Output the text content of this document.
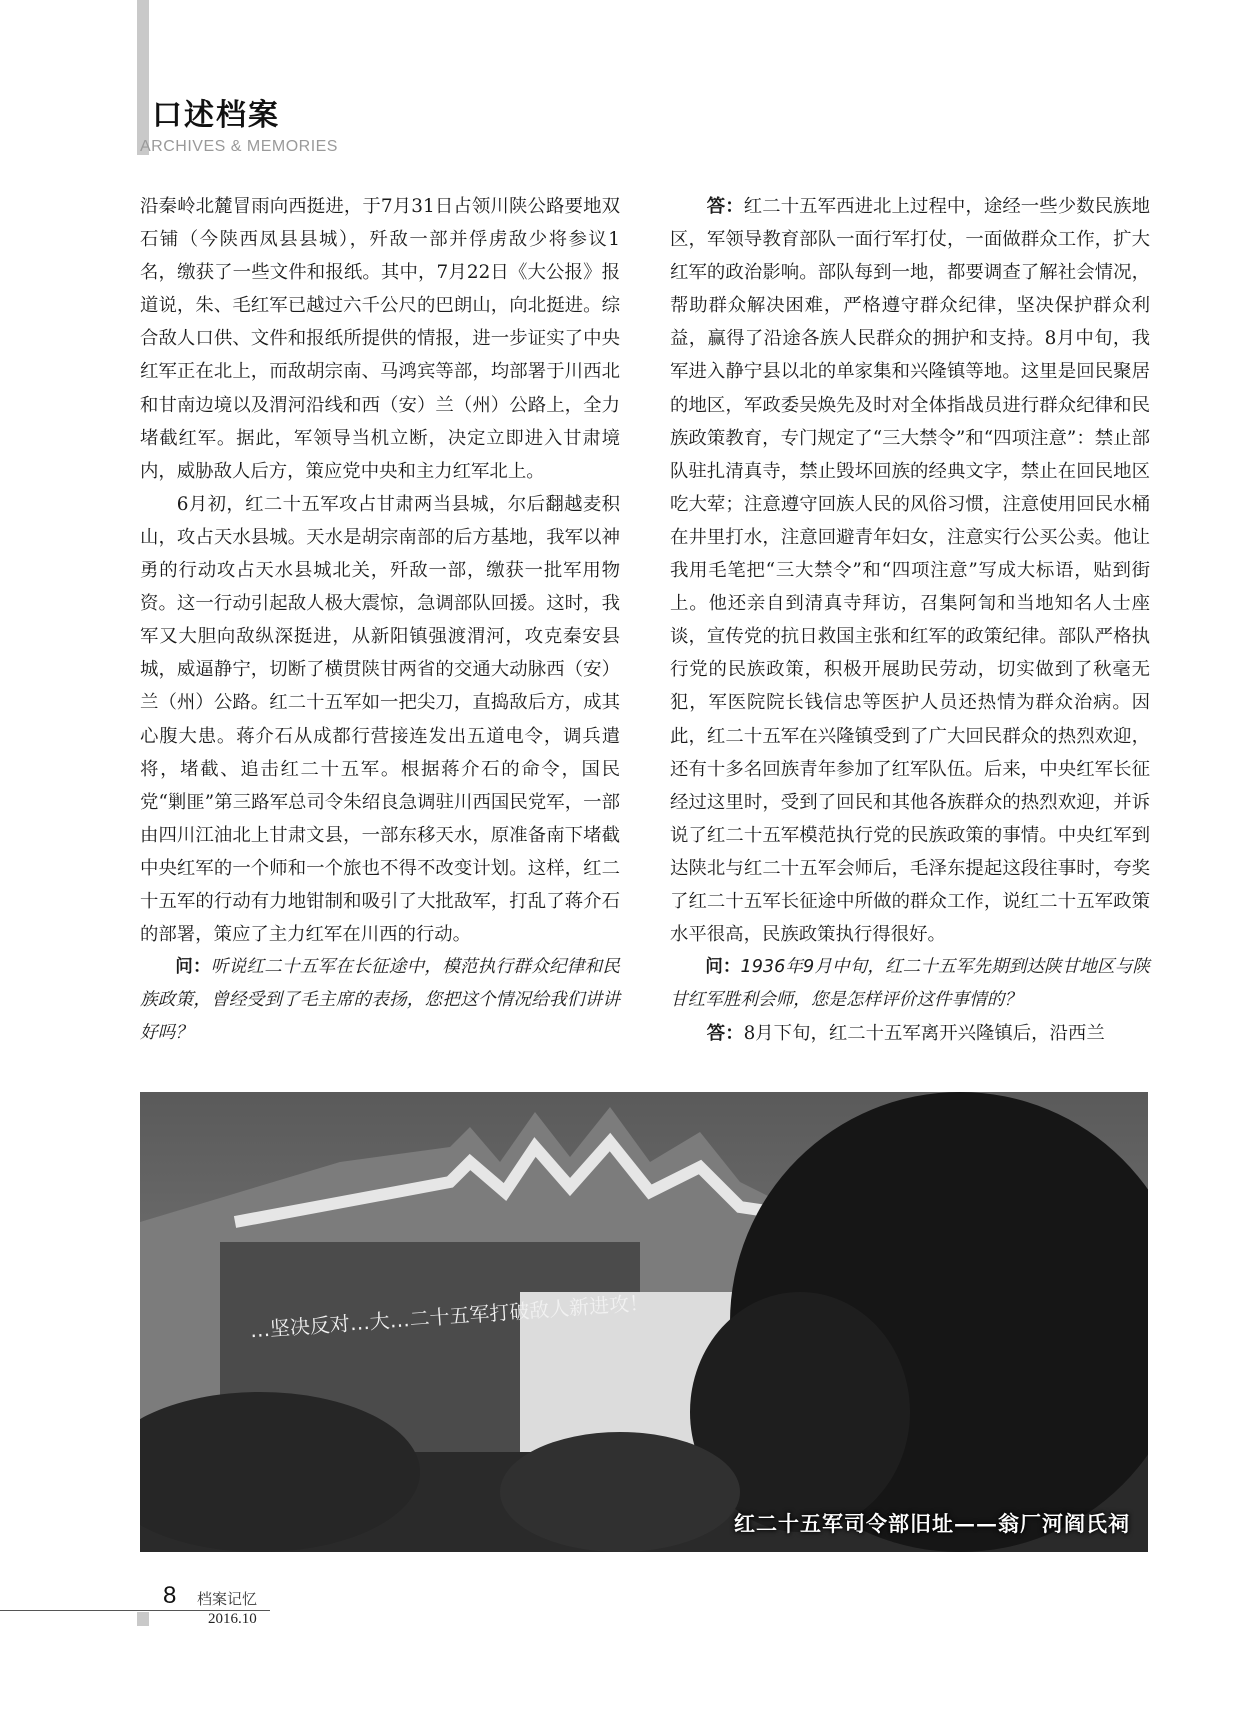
口述档案
ARCHIVES & MEMORIES

沿秦岭北麓冒雨向西挺进，于7月31日占领川陕公路要地双石铺（今陕西凤县县城），歼敌一部并俘虏敌少将参议1名，缴获了一些文件和报纸。其中，7月22日《大公报》报道说，朱、毛红军已越过六千公尺的巴朗山，向北挺进。综合敌人口供、文件和报纸所提供的情报，进一步证实了中央红军正在北上，而敌胡宗南、马鸿宾等部，均部署于川西北和甘南边境以及渭河沿线和西（安）兰（州）公路上，全力堵截红军。据此，军领导当机立断，决定立即进入甘肃境内，威胁敌人后方，策应党中央和主力红军北上。

6月初，红二十五军攻占甘肃两当县城，尔后翻越麦积山，攻占天水县城。天水是胡宗南部的后方基地，我军以神勇的行动攻占天水县城北关，歼敌一部，缴获一批军用物资。这一行动引起敌人极大震惊，急调部队回援。这时，我军又大胆向敌纵深挺进，从新阳镇强渡渭河，攻克秦安县城，威逼静宁，切断了横贯陕甘两省的交通大动脉西（安）兰（州）公路。红二十五军如一把尖刀，直捣敌后方，成其心腹大患。蒋介石从成都行营接连发出五道电令，调兵遣将，堵截、追击红二十五军。根据蒋介石的命令，国民党“剿匪”第三路军总司令朱绍良急调驻川西国民党军，一部由四川江油北上甘肃文县，一部东移天水，原准备南下堵截中央红军的一个师和一个旅也不得不改变计划。这样，红二十五军的行动有力地钳制和吸引了大批敌军，打乱了蒋介石的部署，策应了主力红军在川西的行动。

问：听说红二十五军在长征途中，模范执行群众纪律和民族政策，曾经受到了毛主席的表扬，您把这个情况给我们讲讲好吗？

答：红二十五军西进北上过程中，途经一些少数民族地区，军领导教育部队一面行军打仗，一面做群众工作，扩大红军的政治影响。部队每到一地，都要调查了解社会情况，帮助群众解决困难，严格遵守群众纪律，坚决保护群众利益，赢得了沿途各族人民群众的拥护和支持。8月中旬，我军进入静宁县以北的单家集和兴隆镇等地。这里是回民聚居的地区，军政委吴焕先及时对全体指战员进行群众纪律和民族政策教育，专门规定了“三大禁令”和“四项注意”：禁止部队驻扎清真寺，禁止毁坏回族的经典文字，禁止在回民地区吃大荤；注意遵守回族人民的风俗习惯，注意使用回民水桶在井里打水，注意回避青年妇女，注意实行公买公卖。他让我用毛笔把“三大禁令”和“四项注意”写成大标语，贴到街上。他还亲自到清真寺拜访，召集阿訇和当地知名人士座谈，宣传党的抗日救国主张和红军的政策纪律。部队严格执行党的民族政策，积极开展助民劳动，切实做到了秋毫无犯，军医院院长钱信忠等医护人员还热情为群众治病。因此，红二十五军在兴隆镇受到了广大回民群众的热烈欢迎，还有十多名回族青年参加了红军队伍。后来，中央红军长征经过这里时，受到了回民和其他各族群众的热烈欢迎，并诉说了红二十五军模范执行党的民族政策的事情。中央红军到达陕北与红二十五军会师后，毛泽东提起这段往事时，夸奖了红二十五军长征途中所做的群众工作，说红二十五军政策水平很高，民族政策执行得很好。

问：1936年9月中旬，红二十五军先期到达陕甘地区与陕甘红军胜利会师，您是怎样评价这件事情的？

答：8月下旬，红二十五军离开兴隆镇后，沿西兰

…坚决反对…大…二十五军打破敌人新进攻！
红二十五军司令部旧址——翁厂河阎氏祠
8 档案记忆
2016.10
